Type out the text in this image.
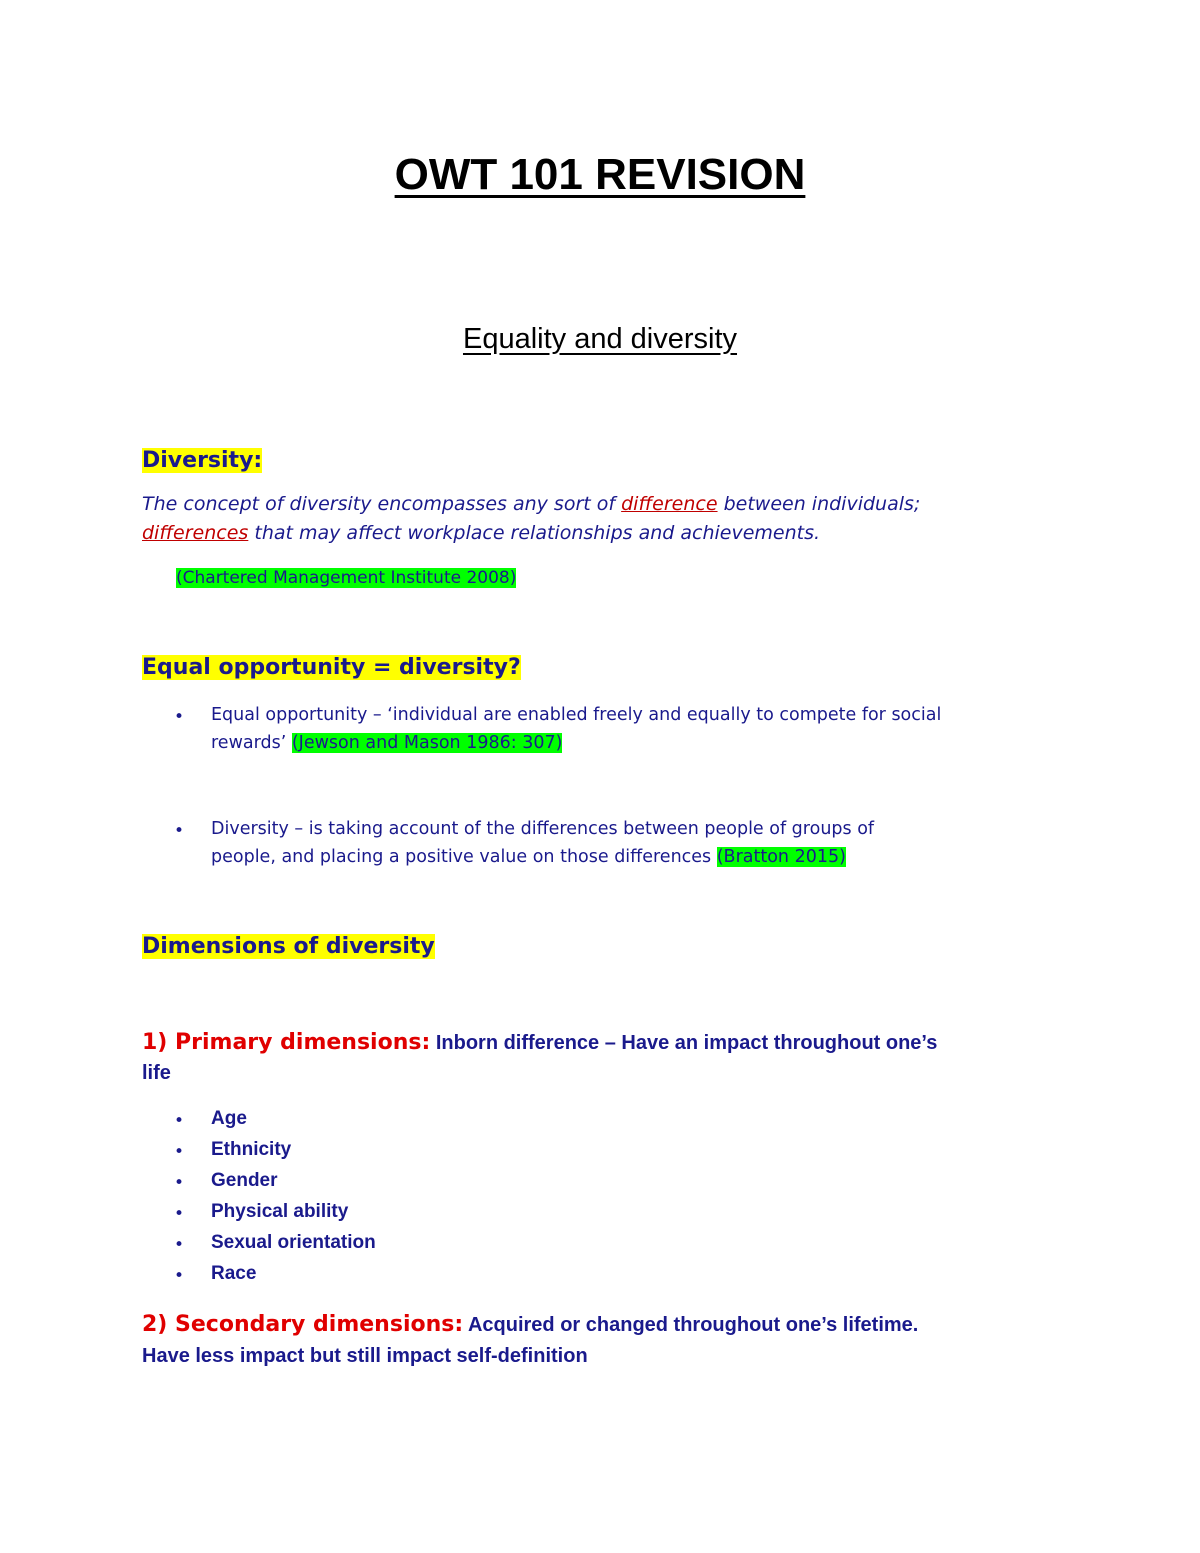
OWT 101 REVISION
Equality and diversity
Diversity:
The concept of diversity encompasses any sort of difference between individuals;
differences that may affect workplace relationships and achievements.
(Chartered Management Institute 2008)
Equal opportunity = diversity?
• Equal opportunity – ‘individual are enabled freely and equally to compete for social
rewards’ (Jewson and Mason 1986: 307)
• Diversity – is taking account of the differences between people of groups of
people, and placing a positive value on those differences (Bratton 2015)
Dimensions of diversity
1) Primary dimensions: Inborn difference – Have an impact throughout one’s
life
• Age
• Ethnicity
• Gender
• Physical ability
• Sexual orientation
• Race
2) Secondary dimensions: Acquired or changed throughout one’s lifetime.
Have less impact but still impact self-definition
